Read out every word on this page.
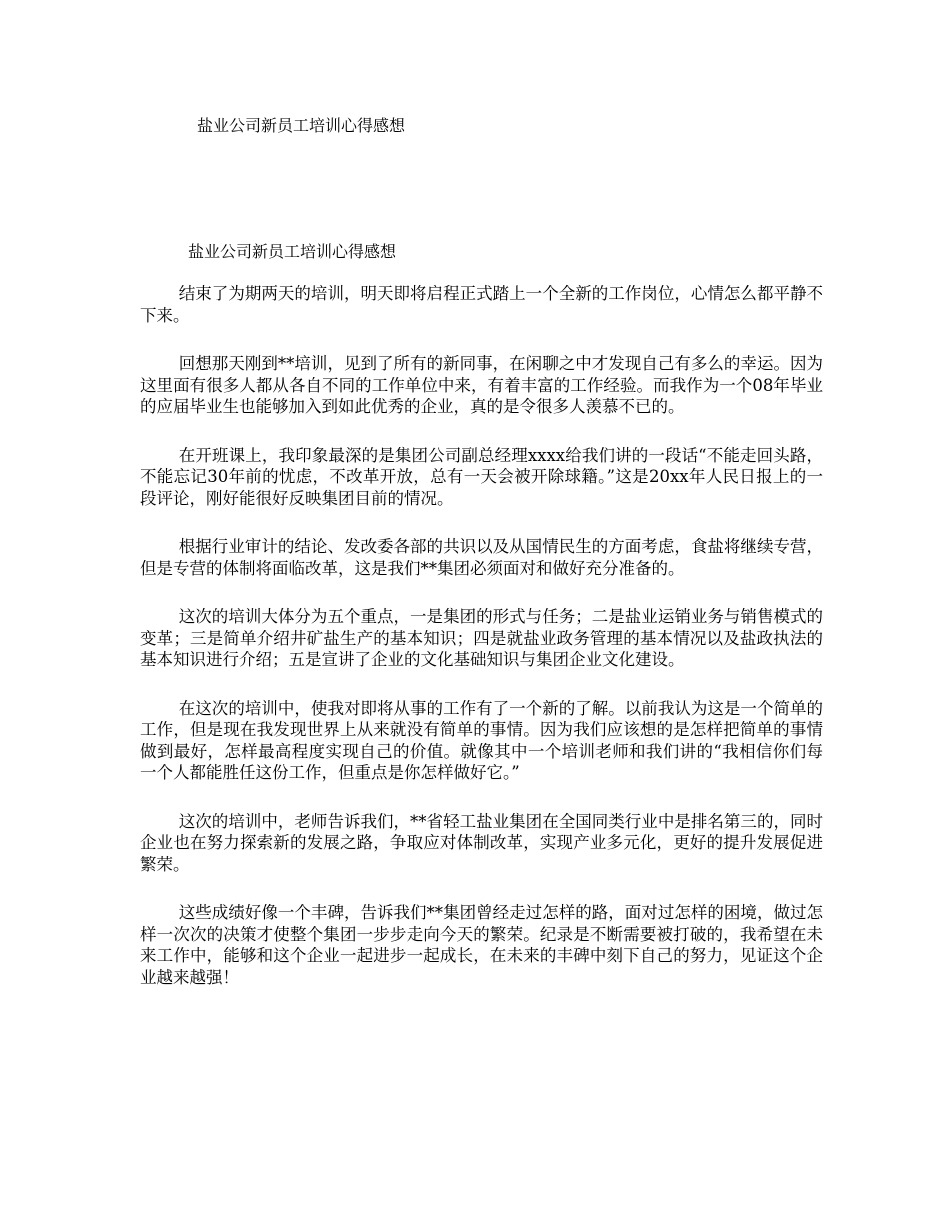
盐业公司新员工培训心得感想
盐业公司新员工培训心得感想

结束了为期两天的培训，明天即将启程正式踏上一个全新的工作岗位，心情怎么都平静不下来。

回想那天刚到**培训，见到了所有的新同事，在闲聊之中才发现自己有多么的幸运。因为这里面有很多人都从各自不同的工作单位中来，有着丰富的工作经验。而我作为一个08年毕业的应届毕业生也能够加入到如此优秀的企业，真的是令很多人羡慕不已的。

在开班课上，我印象最深的是集团公司副总经理xxxx给我们讲的一段话“不能走回头路，不能忘记30年前的忧虑，不改革开放，总有一天会被开除球籍。”这是20xx年人民日报上的一段评论，刚好能很好反映集团目前的情况。

根据行业审计的结论、发改委各部的共识以及从国情民生的方面考虑，食盐将继续专营，但是专营的体制将面临改革，这是我们**集团必须面对和做好充分准备的。

这次的培训大体分为五个重点，一是集团的形式与任务；二是盐业运销业务与销售模式的变革；三是简单介绍井矿盐生产的基本知识；四是就盐业政务管理的基本情况以及盐政执法的基本知识进行介绍；五是宣讲了企业的文化基础知识与集团企业文化建设。

在这次的培训中，使我对即将从事的工作有了一个新的了解。以前我认为这是一个简单的工作，但是现在我发现世界上从来就没有简单的事情。因为我们应该想的是怎样把简单的事情做到最好，怎样最高程度实现自己的价值。就像其中一个培训老师和我们讲的“我相信你们每一个人都能胜任这份工作，但重点是你怎样做好它。”

这次的培训中，老师告诉我们，**省轻工盐业集团在全国同类行业中是排名第三的，同时企业也在努力探索新的发展之路，争取应对体制改革，实现产业多元化，更好的提升发展促进繁荣。

这些成绩好像一个丰碑，告诉我们**集团曾经走过怎样的路，面对过怎样的困境，做过怎样一次次的决策才使整个集团一步步走向今天的繁荣。纪录是不断需要被打破的，我希望在未来工作中，能够和这个企业一起进步一起成长，在未来的丰碑中刻下自己的努力，见证这个企业越来越强！
